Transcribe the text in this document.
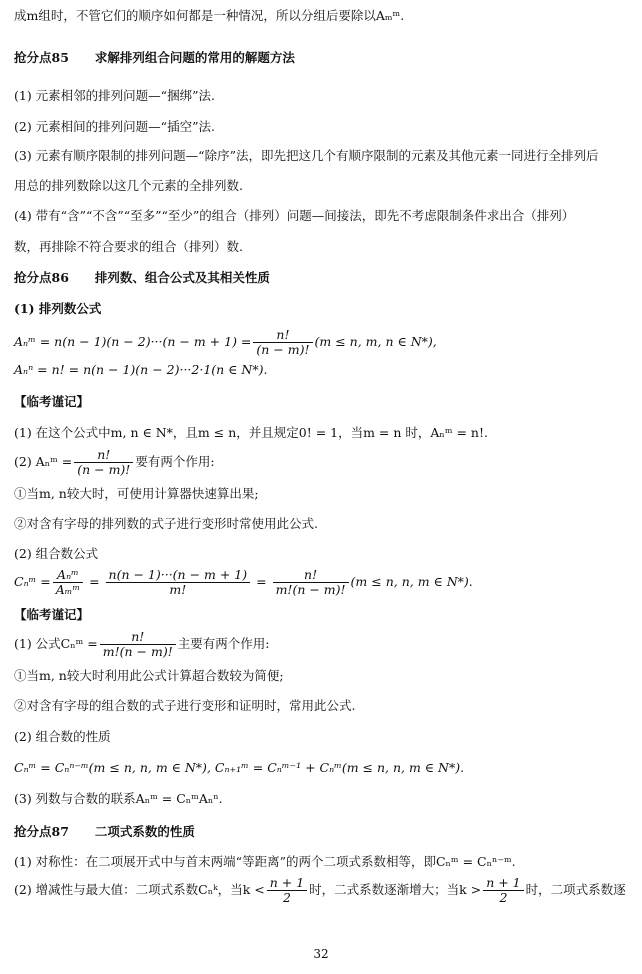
成m组时，不管它们的顺序如何都是一种情况，所以分组后要除以Aₘᵐ.
抢分点85 求解排列组合问题的常用的解题方法
(1) 元素相邻的排列问题—“捆绑”法.
(2) 元素相间的排列问题—“插空”法.
(3) 元素有顺序限制的排列问题—“除序”法，即先把这几个有顺序限制的元素及其他元素一同进行全排列后
用总的排列数除以这几个元素的全排列数.
(4) 带有“含”“不含”“至多”“至少”的组合（排列）问题—间接法，即先不考虑限制条件求出合（排列）
数，再排除不符合要求的组合（排列）数.
抢分点86 排列数、组合公式及其相关性质
(1) 排列数公式
Aₙᵐ = $n(n - 1)(n - 2)\cdot\cdot\cdot(n - m + 1) = \frac{n!}{(n - m)!} (m \le n$, m, n ∈ N*),
Aₙⁿ = n! = n(n − 1)(n − 2)···2·1(n ∈ N*).
【临考谨记】
(1) 在这个公式中m, n ∈ N*，且m ≤ n，并且规定0! = 1，当m = n 时，Aₙᵐ = n!.
(2) Aₙᵐ = $\frac{n!}{(n - m)!}$ 要有两个作用:
①当m, n较大时，可使用计算器快速算出果;
②对含有字母的排列数的式子进行变形时常使用此公式.
(2) 组合数公式
Cₙᵐ = $\frac{\text{Aₙᵐ}}{\text{Aₘᵐ}} = \frac{n(n - 1)\cdot\cdot\cdot(n - m + 1)}{m!} = \frac{n!}{m!(n - m)!} (m \le n$, n, m ∈ N*).
【临考谨记】
(1) 公式Cₙᵐ = $\frac{n!}{m!(n - m)!}$ 主要有两个作用:
①当m, n较大时利用此公式计算超合数较为简便;
②对含有字母的组合数的式子进行变形和证明时，常用此公式.
(2) 组合数的性质
Cₙᵐ = Cₙⁿ⁻ᵐ(m ≤ n, n, m ∈ N*), Cₙ₊₁ᵐ = Cₙᵐ⁻¹ + Cₙᵐ(m ≤ n, n, m ∈ N*).
(3) 列数与合数的联系Aₙᵐ = CₙᵐAₙⁿ.
抢分点87 二项式系数的性质
(1) 对称性：在二项展开式中与首末两端“等距离”的两个二项式系数相等，即Cₙᵐ = Cₙⁿ⁻ᵐ.
(2) 增减性与最大值：二项式系数Cₙᵏ，当$k < \frac{n + 1}{2}$ 时，二式系数逐渐增大；当$k > \frac{n + 1}{2}$ 时，二项式系数逐
32
